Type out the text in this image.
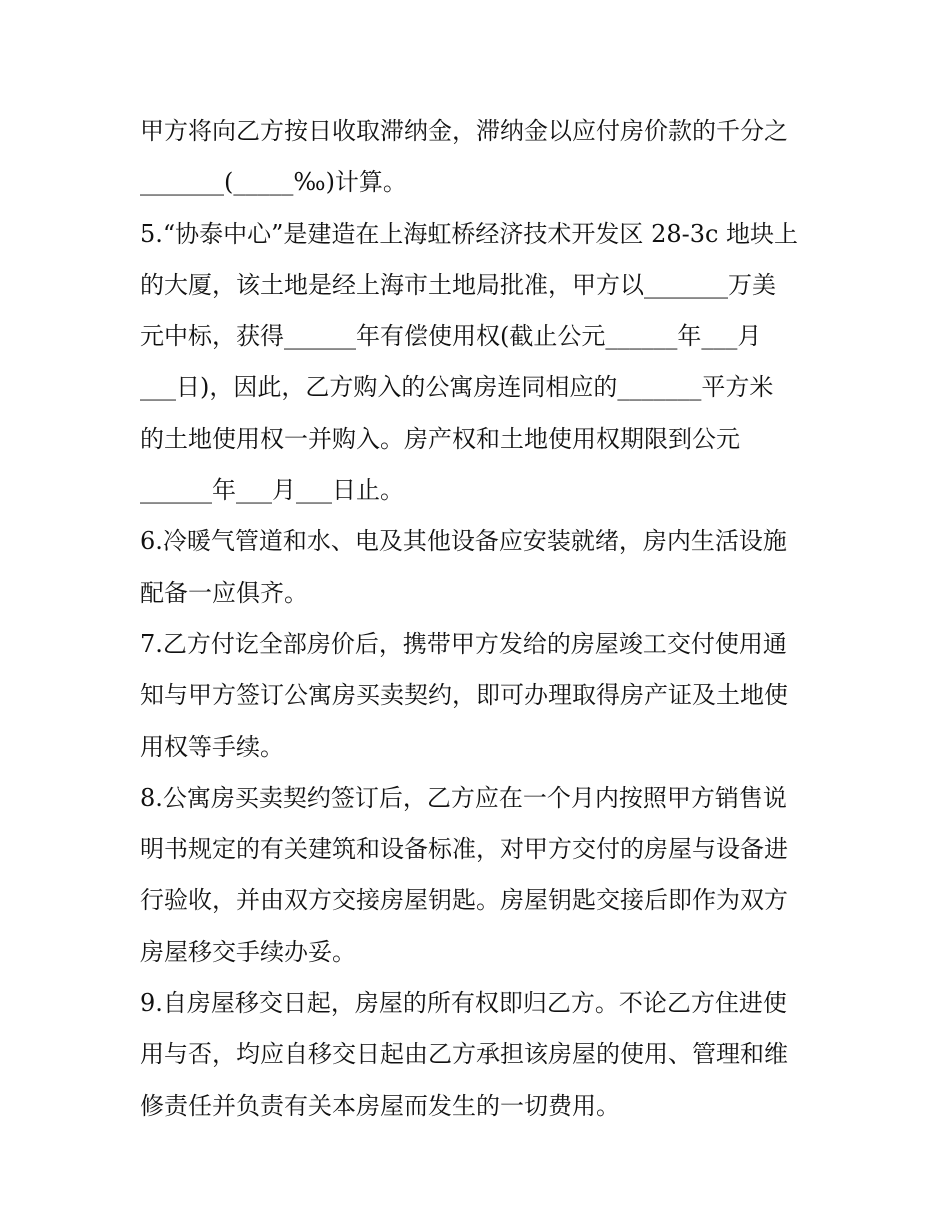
甲方将向乙方按日收取滞纳金，滞纳金以应付房价款的千分之
_______(_____‰)计算。
5.“协泰中心”是建造在上海虹桥经济技术开发区 28-3c 地块上
的大厦，该土地是经上海市土地局批准，甲方以_______万美
元中标，获得______年有偿使用权(截止公元______年___月
___日)，因此，乙方购入的公寓房连同相应的_______平方米
的土地使用权一并购入。房产权和土地使用权期限到公元
______年___月___日止。
6.冷暖气管道和水、电及其他设备应安装就绪，房内生活设施
配备一应俱齐。
7.乙方付讫全部房价后，携带甲方发给的房屋竣工交付使用通
知与甲方签订公寓房买卖契约，即可办理取得房产证及土地使
用权等手续。
8.公寓房买卖契约签订后，乙方应在一个月内按照甲方销售说
明书规定的有关建筑和设备标准，对甲方交付的房屋与设备进
行验收，并由双方交接房屋钥匙。房屋钥匙交接后即作为双方
房屋移交手续办妥。
9.自房屋移交日起，房屋的所有权即归乙方。不论乙方住进使
用与否，均应自移交日起由乙方承担该房屋的使用、管理和维
修责任并负责有关本房屋而发生的一切费用。
